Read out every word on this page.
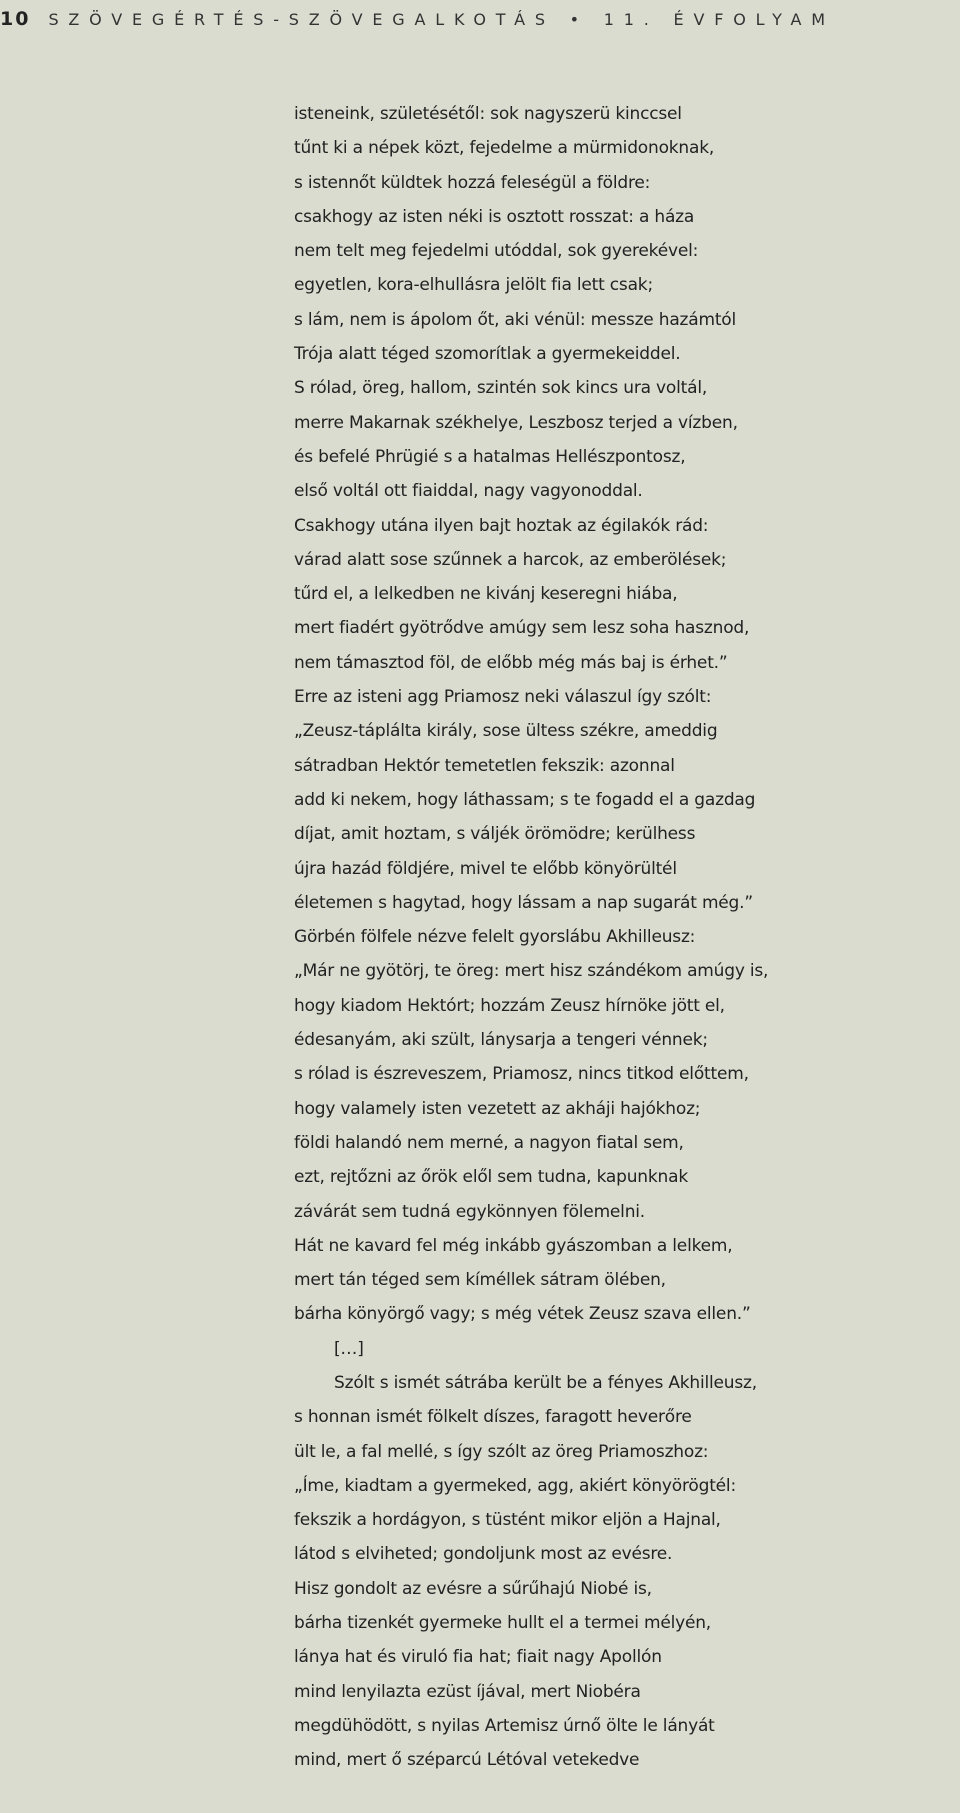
10 SZÖVEGÉRTÉS-SZÖVEGALKOTÁS • 11. ÉVFOLYAM
isteneink, születésétől: sok nagyszerü kinccsel
tűnt ki a népek közt, fejedelme a mürmidonoknak,
s istennőt küldtek hozzá feleségül a földre:
csakhogy az isten néki is osztott rosszat: a háza
nem telt meg fejedelmi utóddal, sok gyerekével:
egyetlen, kora-elhullásra jelölt fia lett csak;
s lám, nem is ápolom őt, aki vénül: messze hazámtól
Trója alatt téged szomorítlak a gyermekeiddel.
S rólad, öreg, hallom, szintén sok kincs ura voltál,
merre Makarnak székhelye, Leszbosz terjed a vízben,
és befelé Phrügié s a hatalmas Hellészpontosz,
első voltál ott fiaiddal, nagy vagyonoddal.
Csakhogy utána ilyen bajt hoztak az égilakók rád:
várad alatt sose szűnnek a harcok, az emberölések;
tűrd el, a lelkedben ne kivánj keseregni hiába,
mert fiadért gyötrődve amúgy sem lesz soha hasznod,
nem támasztod föl, de előbb még más baj is érhet.”
Erre az isteni agg Priamosz neki válaszul így szólt:
„Zeusz-táplálta király, sose ültess székre, ameddig
sátradban Hektór temetetlen fekszik: azonnal
add ki nekem, hogy láthassam; s te fogadd el a gazdag
díjat, amit hoztam, s váljék örömödre; kerülhess
újra hazád földjére, mivel te előbb könyörültél
életemen s hagytad, hogy lássam a nap sugarát még.”
Görbén fölfele nézve felelt gyorslábu Akhilleusz:
„Már ne gyötörj, te öreg: mert hisz szándékom amúgy is,
hogy kiadom Hektórt; hozzám Zeusz hírnöke jött el,
édesanyám, aki szült, lánysarja a tengeri vénnek;
s rólad is észreveszem, Priamosz, nincs titkod előttem,
hogy valamely isten vezetett az akháji hajókhoz;
földi halandó nem merné, a nagyon fiatal sem,
ezt, rejtőzni az őrök elől sem tudna, kapunknak
závárát sem tudná egykönnyen fölemelni.
Hát ne kavard fel még inkább gyászomban a lelkem,
mert tán téged sem kíméllek sátram ölében,
bárha könyörgő vagy; s még vétek Zeusz szava ellen.”
[…]
Szólt s ismét sátrába került be a fényes Akhilleusz,
s honnan ismét fölkelt díszes, faragott heverőre
ült le, a fal mellé, s így szólt az öreg Priamoszhoz:
„Íme, kiadtam a gyermeked, agg, akiért könyörögtél:
fekszik a hordágyon, s tüstént mikor eljön a Hajnal,
látod s elviheted; gondoljunk most az evésre.
Hisz gondolt az evésre a sűrűhajú Niobé is,
bárha tizenkét gyermeke hullt el a termei mélyén,
lánya hat és viruló fia hat; fiait nagy Apollón
mind lenyilazta ezüst íjával, mert Niobéra
megdühödött, s nyilas Artemisz úrnő ölte le lányát
mind, mert ő széparcú Létóval vetekedve
